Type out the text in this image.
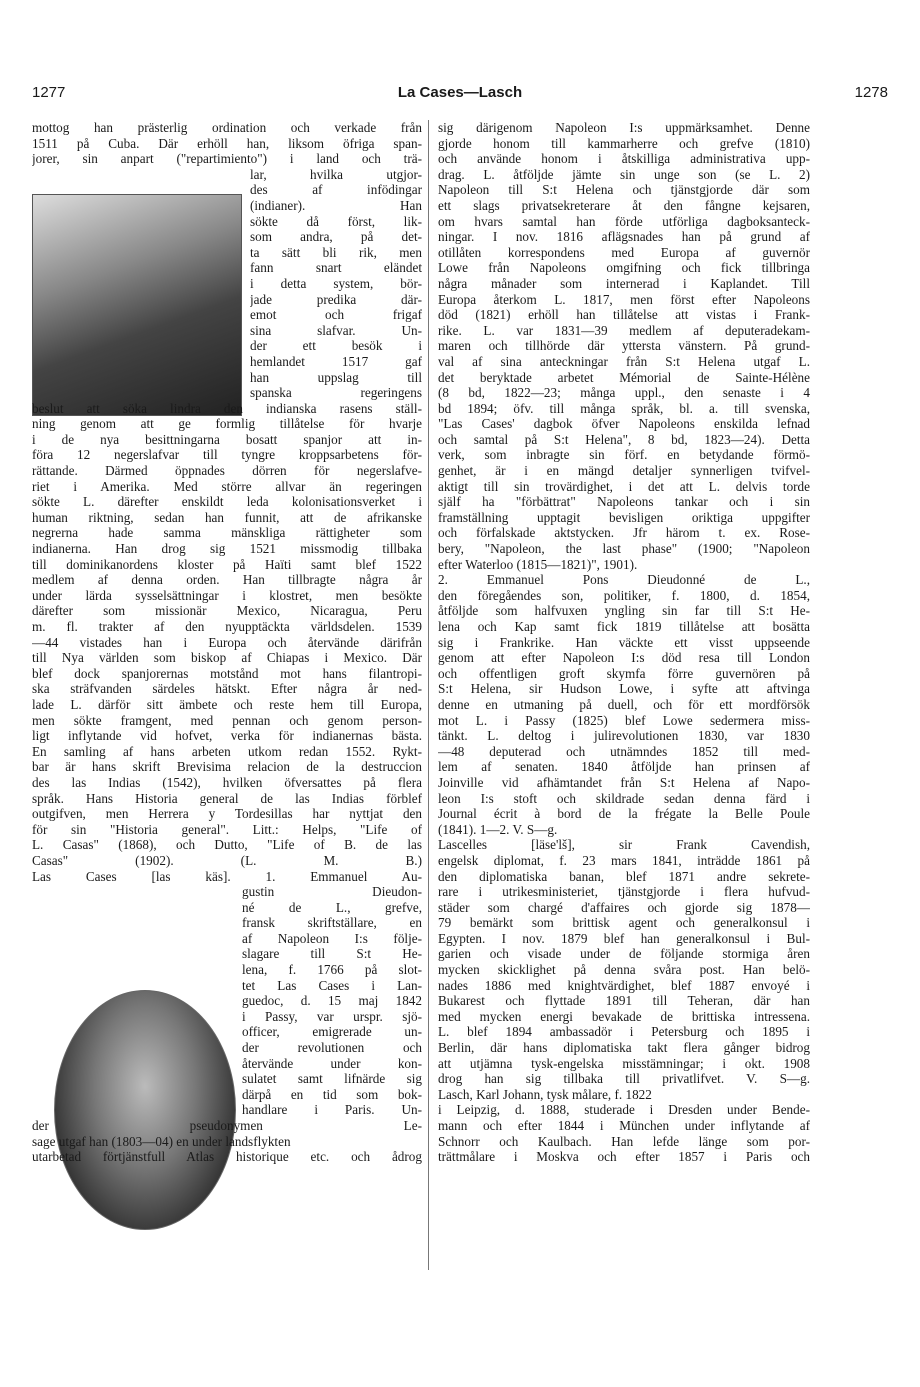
1277	La Cases—Lasch	1278
mottog han prästerlig ordination och verkade från
1511 på Cuba. Där erhöll han, liksom öfriga span-
jorer, sin anpart ("repartimiento") i land och trä-
lar, hvilka utgjor-
des af infödingar
(indianer). Han
sökte då först, lik-
som andra, på det-
ta sätt bli rik, men
fann snart eländet
i detta system, bör-
jade predika där-
emot och frigaf
sina slafvar. Un-
der ett besök i
hemlandet 1517 gaf
han uppslag till
spanska regeringens
beslut att söka lindra den indianska rasens ställ-
ning genom att ge formlig tillåtelse för hvarje
i de nya besittningarna bosatt spanjor att in-
föra 12 negerslafvar till tyngre kroppsarbetens för-
rättande. Därmed öppnades dörren för negerslafve-
riet i Amerika. Med större allvar än regeringen
sökte L. därefter enskildt leda kolonisationsverket i
human riktning, sedan han funnit, att de afrikanske
negrerna hade samma mänskliga rättigheter som
indianerna. Han drog sig 1521 missmodig tillbaka
till dominikanordens kloster på Haïti samt blef 1522
medlem af denna orden. Han tillbragte några år
under lärda sysselsättningar i klostret, men besökte
därefter som missionär Mexico, Nicaragua, Peru
m. fl. trakter af den nyupptäckta världsdelen. 1539
—44 vistades han i Europa och återvände därifrån
till Nya världen som biskop af Chiapas i Mexico. Där
blef dock spanjorernas motstånd mot hans filantropi-
ska sträfvanden särdeles hätskt. Efter några år ned-
lade L. därför sitt ämbete och reste hem till Europa,
men sökte framgent, med pennan och genom person-
ligt inflytande vid hofvet, verka för indianernas bästa.
En samling af hans arbeten utkom redan 1552. Rykt-
bar är hans skrift Brevisima relacion de la destruccion
des las Indias (1542), hvilken öfversattes på flera
språk. Hans Historia general de las Indias förblef
outgifven, men Herrera y Tordesillas har nyttjat den
för sin "Historia general". Litt.: Helps, "Life of
L. Casas" (1868), och Dutto, "Life of B. de las
Casas" (1902). (L. M. B.)
Las Cases [las käs]. 1. Emmanuel Au-
gustin Dieudon-
né de L., grefve,
fransk skriftställare, en
af Napoleon I:s följe-
slagare till S:t He-
lena, f. 1766 på slot-
tet Las Cases i Lan-
guedoc, d. 15 maj 1842
i Passy, var urspr. sjö-
officer, emigrerade un-
der revolutionen och
återvände under kon-
sulatet samt lifnärde sig
därpå en tid som bok-
handlare i Paris. Un-
der pseudonymen Le-
sage utgaf han (1803—04) en under landsflykten
utarbetad förtjänstfull Atlas historique etc. och ådrog
sig därigenom Napoleon I:s uppmärksamhet. Denne
gjorde honom till kammarherre och grefve (1810)
och använde honom i åtskilliga administrativa upp-
drag. L. åtföljde jämte sin unge son (se L. 2)
Napoleon till S:t Helena och tjänstgjorde där som
ett slags privatsekreterare åt den fångne kejsaren,
om hvars samtal han förde utförliga dagboksanteck-
ningar. I nov. 1816 aflägsnades han på grund af
otillåten korrespondens med Europa af guvernör
Lowe från Napoleons omgifning och fick tillbringa
några månader som internerad i Kaplandet. Till
Europa återkom L. 1817, men först efter Napoleons
död (1821) erhöll han tillåtelse att vistas i Frank-
rike. L. var 1831—39 medlem af deputeradekam-
maren och tillhörde där yttersta vänstern. På grund-
val af sina anteckningar från S:t Helena utgaf L.
det beryktade arbetet Mémorial de Sainte-Hélène
(8 bd, 1822—23; många uppl., den senaste i 4
bd 1894; öfv. till många språk, bl. a. till svenska,
"Las Cases' dagbok öfver Napoleons enskilda lefnad
och samtal på S:t Helena", 8 bd, 1823—24). Detta
verk, som inbragte sin förf. en betydande förmö-
genhet, är i en mängd detaljer synnerligen tvifvel-
aktigt till sin trovärdighet, i det att L. delvis torde
själf ha "förbättrat" Napoleons tankar och i sin
framställning upptagit bevisligen oriktiga uppgifter
och förfalskade aktstycken. Jfr härom t. ex. Rose-
bery, "Napoleon, the last phase" (1900; "Napoleon
efter Waterloo (1815—1821)", 1901).
2. Emmanuel Pons Dieudonné de L.,
den föregåendes son, politiker, f. 1800, d. 1854,
åtföljde som halfvuxen yngling sin far till S:t He-
lena och Kap samt fick 1819 tillåtelse att bosätta
sig i Frankrike. Han väckte ett visst uppseende
genom att efter Napoleon I:s död resa till London
och offentligen groft skymfa förre guvernören på
S:t Helena, sir Hudson Lowe, i syfte att aftvinga
denne en utmaning på duell, och för ett mordförsök
mot L. i Passy (1825) blef Lowe sedermera miss-
tänkt. L. deltog i julirevolutionen 1830, var 1830
—48 deputerad och utnämndes 1852 till med-
lem af senaten. 1840 åtföljde han prinsen af
Joinville vid afhämtandet från S:t Helena af Napo-
leon I:s stoft och skildrade sedan denna färd i
Journal écrit à bord de la frégate la Belle Poule
(1841). 1—2. V. S—g.
Lascelles [läse'lš], sir Frank Cavendish,
engelsk diplomat, f. 23 mars 1841, inträdde 1861 på
den diplomatiska banan, blef 1871 andre sekrete-
rare i utrikesministeriet, tjänstgjorde i flera hufvud-
städer som chargé d'affaires och gjorde sig 1878—
79 bemärkt som brittisk agent och generalkonsul i
Egypten. I nov. 1879 blef han generalkonsul i Bul-
garien och visade under de följande stormiga åren
mycken skicklighet på denna svåra post. Han belö-
nades 1886 med knightvärdighet, blef 1887 envoyé i
Bukarest och flyttade 1891 till Teheran, där han
med mycken energi bevakade de brittiska intressena.
L. blef 1894 ambassadör i Petersburg och 1895 i
Berlin, där hans diplomatiska takt flera gånger bidrog
att utjämna tysk-engelska misstämningar; i okt. 1908
drog han sig tillbaka till privatlifvet. V. S—g.
Lasch, Karl Johann, tysk målare, f. 1822
i Leipzig, d. 1888, studerade i Dresden under Bende-
mann och efter 1844 i München under inflytande af
Schnorr och Kaulbach. Han lefde länge som por-
trättmålare i Moskva och efter 1857 i Paris och
